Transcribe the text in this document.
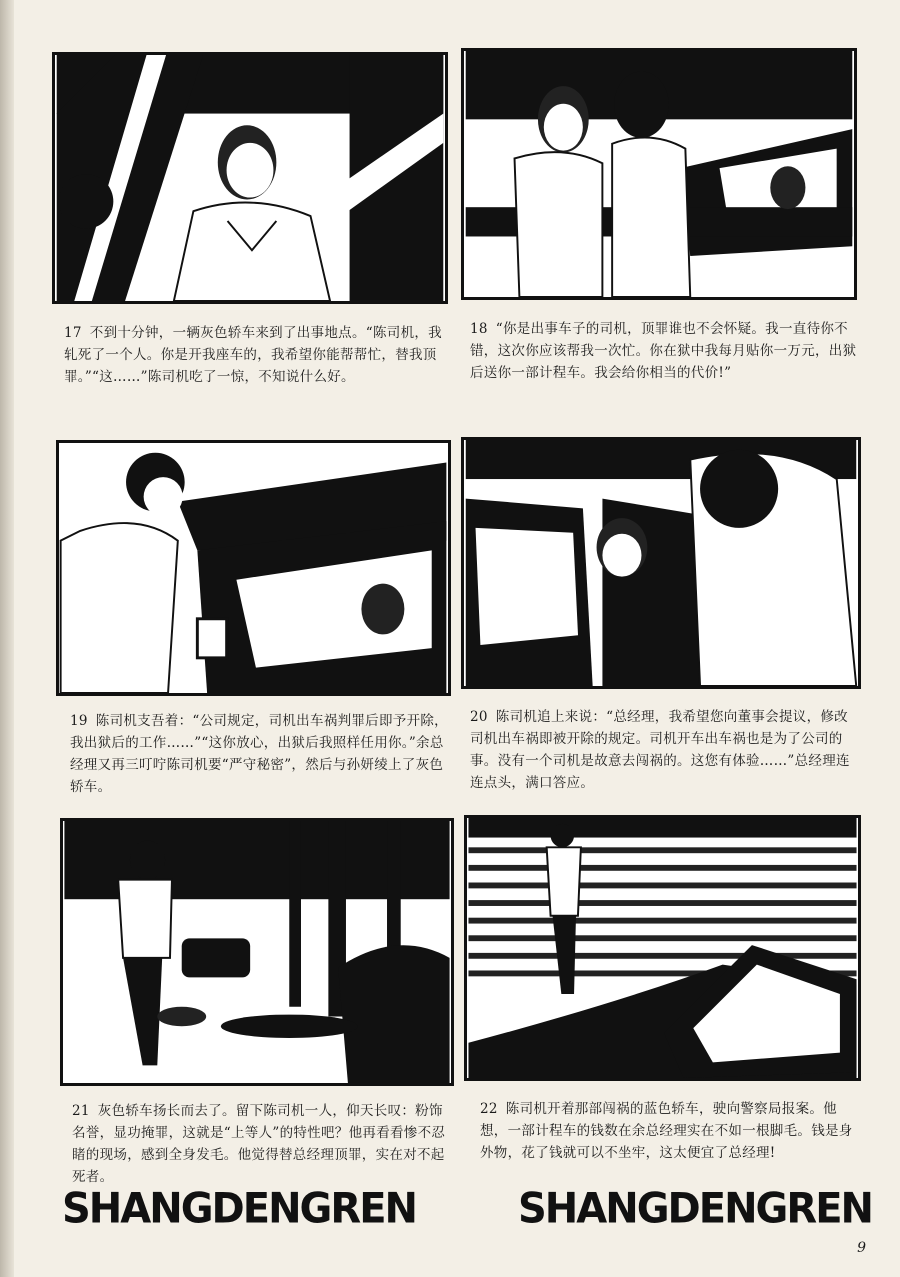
17 不到十分钟，一辆灰色轿车来到了出事地点。“陈司机，我轧死了一个人。你是开我座车的，我希望你能帮帮忙，替我顶罪。”“这……”陈司机吃了一惊，不知说什么好。
18 “你是出事车子的司机，顶罪谁也不会怀疑。我一直待你不错，这次你应该帮我一次忙。你在狱中我每月贴你一万元，出狱后送你一部计程车。我会给你相当的代价!”
19 陈司机支吾着：“公司规定，司机出车祸判罪后即予开除，我出狱后的工作……”“这你放心，出狱后我照样任用你。”余总经理又再三叮咛陈司机要“严守秘密”，然后与孙妍绫上了灰色轿车。
20 陈司机追上来说：“总经理，我希望您向董事会提议，修改司机出车祸即被开除的规定。司机开车出车祸也是为了公司的事。没有一个司机是故意去闯祸的。这您有体验……”总经理连连点头，满口答应。
21 灰色轿车扬长而去了。留下陈司机一人，仰天长叹：粉饰名誉，显功掩罪，这就是“上等人”的特性吧？他再看看惨不忍睹的现场，感到全身发毛。他觉得替总经理顶罪，实在对不起死者。
22 陈司机开着那部闯祸的蓝色轿车，驶向警察局报案。他想，一部计程车的钱数在余总经理实在不如一根脚毛。钱是身外物，花了钱就可以不坐牢，这太便宜了总经理!
SHANGDENGREN	SHANGDENGREN
9
